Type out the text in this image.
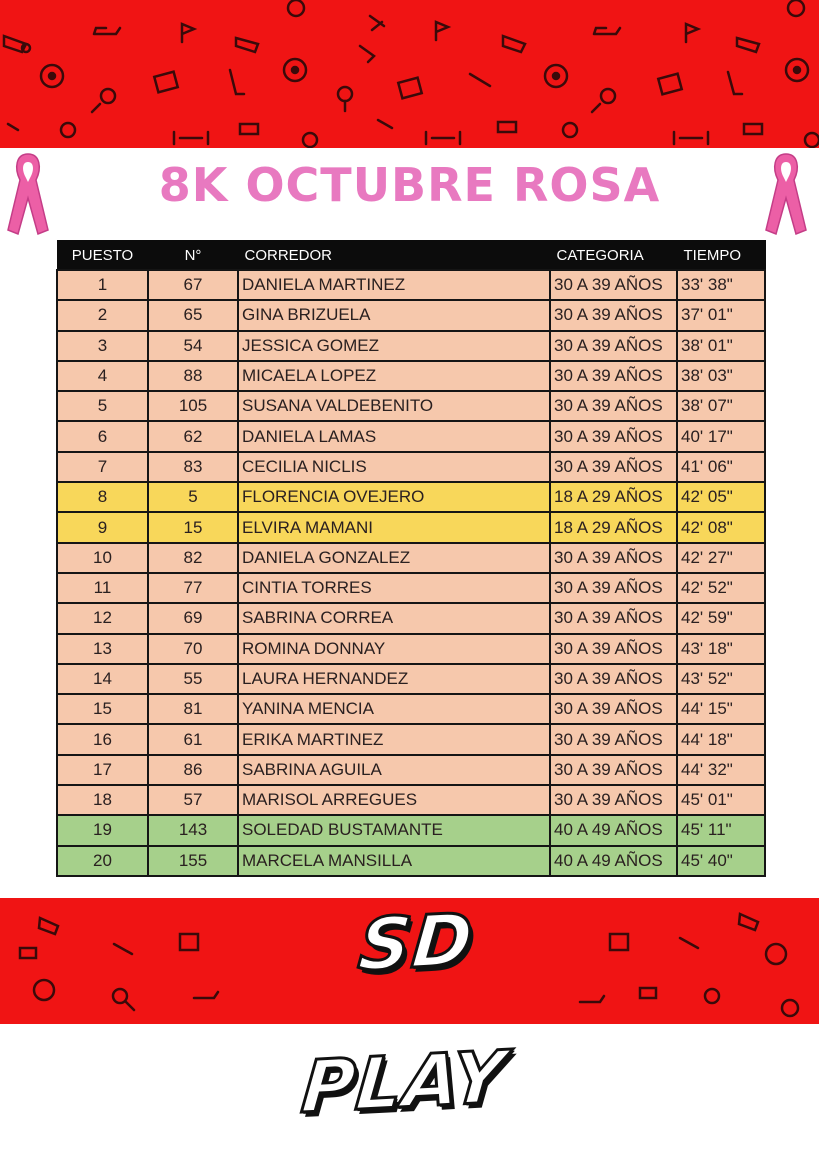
8K OCTUBRE ROSA
PUESTO	N°	CORREDOR	CATEGORIA	TIEMPO
1	67	DANIELA MARTINEZ	30 A 39 AÑOS	33' 38"
2	65	GINA BRIZUELA	30 A 39 AÑOS	37' 01"
3	54	JESSICA GOMEZ	30 A 39 AÑOS	38' 01"
4	88	MICAELA LOPEZ	30 A 39 AÑOS	38' 03"
5	105	SUSANA VALDEBENITO	30 A 39 AÑOS	38' 07"
6	62	DANIELA LAMAS	30 A 39 AÑOS	40' 17"
7	83	CECILIA NICLIS	30 A 39 AÑOS	41' 06"
8	5	FLORENCIA OVEJERO	18 A 29 AÑOS	42' 05"
9	15	ELVIRA MAMANI	18 A 29 AÑOS	42' 08"
10	82	DANIELA GONZALEZ	30 A 39 AÑOS	42' 27"
11	77	CINTIA TORRES	30 A 39 AÑOS	42' 52"
12	69	SABRINA CORREA	30 A 39 AÑOS	42' 59"
13	70	ROMINA DONNAY	30 A 39 AÑOS	43' 18"
14	55	LAURA HERNANDEZ	30 A 39 AÑOS	43' 52"
15	81	YANINA MENCIA	30 A 39 AÑOS	44' 15"
16	61	ERIKA MARTINEZ	30 A 39 AÑOS	44' 18"
17	86	SABRINA AGUILA	30 A 39 AÑOS	44' 32"
18	57	MARISOL ARREGUES	30 A 39 AÑOS	45' 01"
19	143	SOLEDAD BUSTAMANTE	40 A 49 AÑOS	45' 11"
20	155	MARCELA MANSILLA	40 A 49 AÑOS	45' 40"
SD PLAY
